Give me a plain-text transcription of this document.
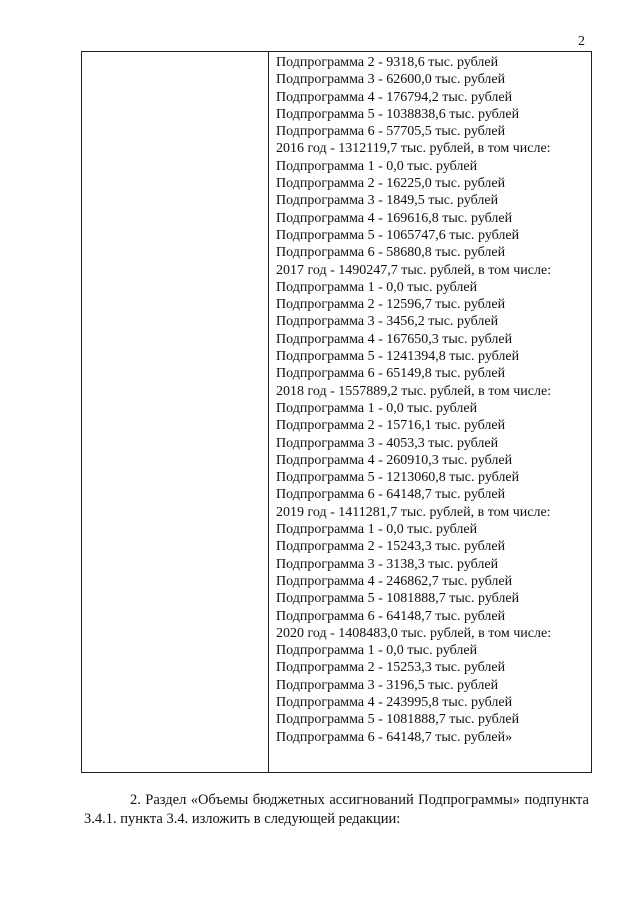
2
Подпрограмма 2 - 9318,6 тыс. рублей
Подпрограмма 3 - 62600,0 тыс. рублей
Подпрограмма 4 - 176794,2 тыс. рублей
Подпрограмма 5 - 1038838,6 тыс. рублей
Подпрограмма 6 - 57705,5 тыс. рублей
2016 год - 1312119,7 тыс. рублей, в том числе:
Подпрограмма 1 - 0,0 тыс. рублей
Подпрограмма 2 - 16225,0 тыс. рублей
Подпрограмма 3 - 1849,5 тыс. рублей
Подпрограмма 4 - 169616,8 тыс. рублей
Подпрограмма 5 - 1065747,6 тыс. рублей
Подпрограмма 6 - 58680,8 тыс. рублей
2017 год - 1490247,7 тыс. рублей, в том числе:
Подпрограмма 1 - 0,0 тыс. рублей
Подпрограмма 2 - 12596,7 тыс. рублей
Подпрограмма 3 - 3456,2 тыс. рублей
Подпрограмма 4 - 167650,3 тыс. рублей
Подпрограмма 5 - 1241394,8 тыс. рублей
Подпрограмма 6 - 65149,8 тыс. рублей
2018 год - 1557889,2 тыс. рублей, в том числе:
Подпрограмма 1 - 0,0 тыс. рублей
Подпрограмма 2 - 15716,1 тыс. рублей
Подпрограмма 3 - 4053,3 тыс. рублей
Подпрограмма 4 - 260910,3 тыс. рублей
Подпрограмма 5 - 1213060,8 тыс. рублей
Подпрограмма 6 - 64148,7 тыс. рублей
2019 год - 1411281,7 тыс. рублей, в том числе:
Подпрограмма 1 - 0,0 тыс. рублей
Подпрограмма 2 - 15243,3 тыс. рублей
Подпрограмма 3 - 3138,3 тыс. рублей
Подпрограмма 4 - 246862,7 тыс. рублей
Подпрограмма 5 - 1081888,7 тыс. рублей
Подпрограмма 6 - 64148,7 тыс. рублей
2020 год - 1408483,0 тыс. рублей, в том числе:
Подпрограмма 1 - 0,0 тыс. рублей
Подпрограмма 2 - 15253,3 тыс. рублей
Подпрограмма 3 - 3196,5 тыс. рублей
Подпрограмма 4 - 243995,8 тыс. рублей
Подпрограмма 5 - 1081888,7 тыс. рублей
Подпрограмма 6 - 64148,7 тыс. рублей»

2. Раздел «Объемы бюджетных ассигнований Подпрограммы» подпункта 3.4.1. пункта 3.4. изложить в следующей редакции:
